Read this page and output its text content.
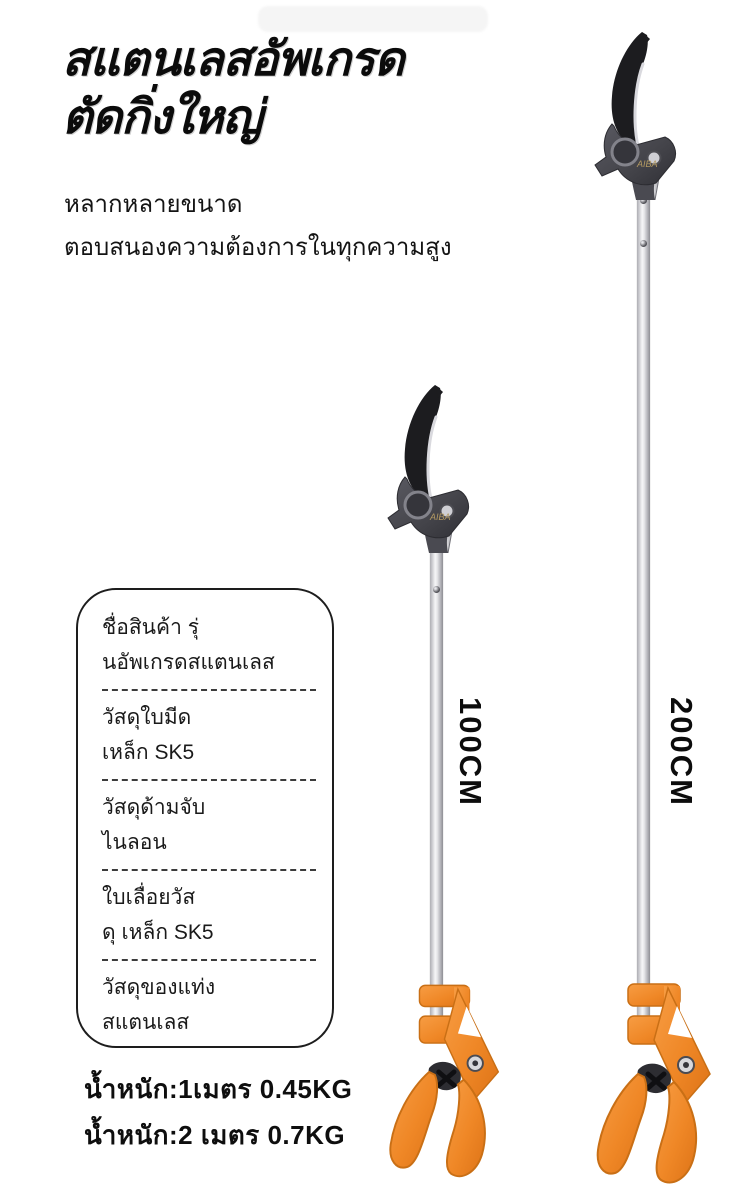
สแตนเลสอัพเกรด
ตัดกิ่งใหญ่
หลากหลายขนาด
ตอบสนองความต้องการในทุกความสูง
100CM	200CM

ชื่อสินค้า รุ่

นอัพเกรดสแตนเลส

วัสดุใบมีด

เหล็ก SK5

วัสดุด้ามจับ

ไนลอน

ใบเลื่อยวัส

ดุ เหล็ก SK5

วัสดุของแท่ง

สแตนเลส

น้ำหนัก:1เมตร 0.45KG
น้ำหนัก:2 เมตร 0.7KG
